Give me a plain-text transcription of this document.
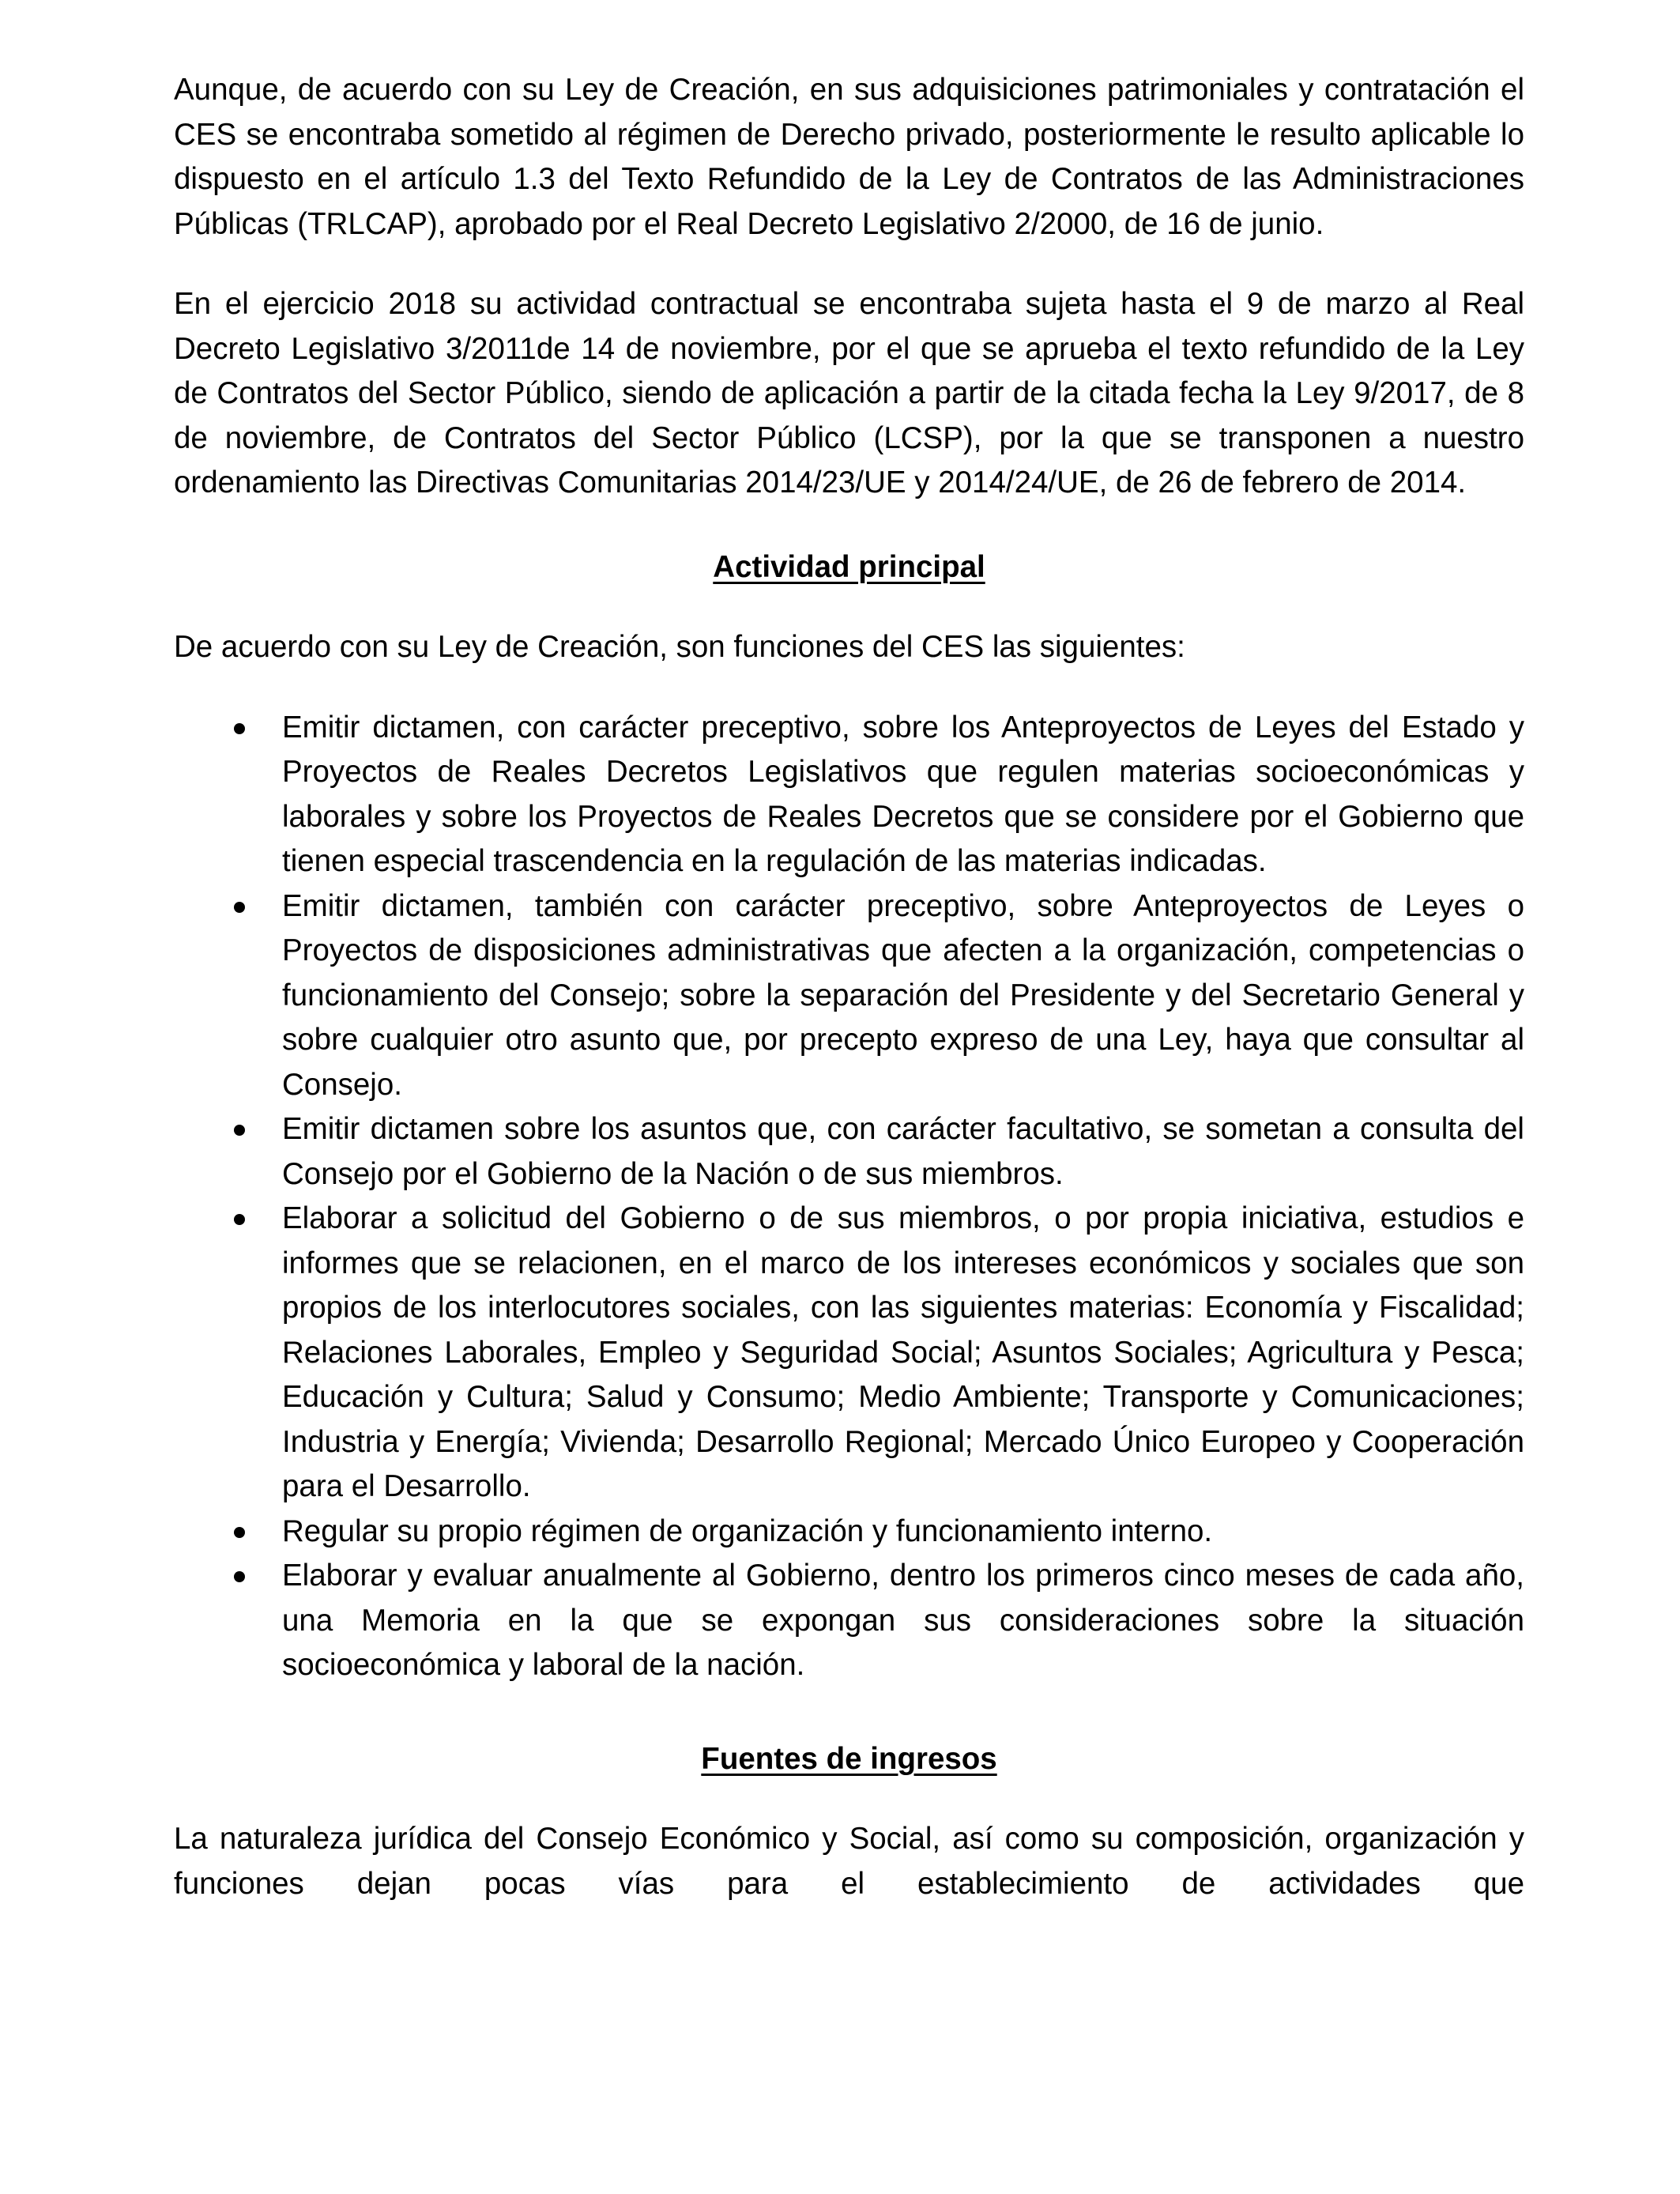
Aunque, de acuerdo con su Ley de Creación, en sus adquisiciones patrimoniales y contratación el CES se encontraba sometido al régimen de Derecho privado, posteriormente le resulto aplicable lo dispuesto en el artículo 1.3 del Texto Refundido de la Ley de Contratos de las Administraciones Públicas (TRLCAP), aprobado por el Real Decreto Legislativo 2/2000, de 16 de junio.

En el ejercicio 2018 su actividad contractual se encontraba sujeta hasta el 9 de marzo al Real Decreto Legislativo 3/2011de 14 de noviembre, por el que se aprueba el texto refundido de la Ley de Contratos del Sector Público, siendo de aplicación a partir de la citada fecha la Ley 9/2017, de 8 de noviembre, de Contratos del Sector Público (LCSP), por la que se transponen a nuestro ordenamiento las Directivas Comunitarias 2014/23/UE y 2014/24/UE, de 26 de febrero de 2014.

Actividad principal

De acuerdo con su Ley de Creación, son funciones del CES las siguientes:

Emitir dictamen, con carácter preceptivo, sobre los Anteproyectos de Leyes del Estado y Proyectos de Reales Decretos Legislativos que regulen materias socioeconómicas y laborales y sobre los Proyectos de Reales Decretos que se considere por el Gobierno que tienen especial trascendencia en la regulación de las materias indicadas.
Emitir dictamen, también con carácter preceptivo, sobre Anteproyectos de Leyes o Proyectos de disposiciones administrativas que afecten a la organización, competencias o funcionamiento del Consejo; sobre la separación del Presidente y del Secretario General y sobre cualquier otro asunto que, por precepto expreso de una Ley, haya que consultar al Consejo.
Emitir dictamen sobre los asuntos que, con carácter facultativo, se sometan a consulta del Consejo por el Gobierno de la Nación o de sus miembros.
Elaborar a solicitud del Gobierno o de sus miembros, o por propia iniciativa, estudios e informes que se relacionen, en el marco de los intereses económicos y sociales que son propios de los interlocutores sociales, con las siguientes materias: Economía y Fiscalidad; Relaciones Laborales, Empleo y Seguridad Social; Asuntos Sociales; Agricultura y Pesca; Educación y Cultura; Salud y Consumo; Medio Ambiente; Transporte y Comunicaciones; Industria y Energía; Vivienda; Desarrollo Regional; Mercado Único Europeo y Cooperación para el Desarrollo.
Regular su propio régimen de organización y funcionamiento interno.
Elaborar y evaluar anualmente al Gobierno, dentro los primeros cinco meses de cada año, una Memoria en la que se expongan sus consideraciones sobre la situación socioeconómica y laboral de la nación.
Fuentes de ingresos

La naturaleza jurídica del Consejo Económico y Social, así como su composición, organización y funciones dejan pocas vías para el establecimiento de actividades que
